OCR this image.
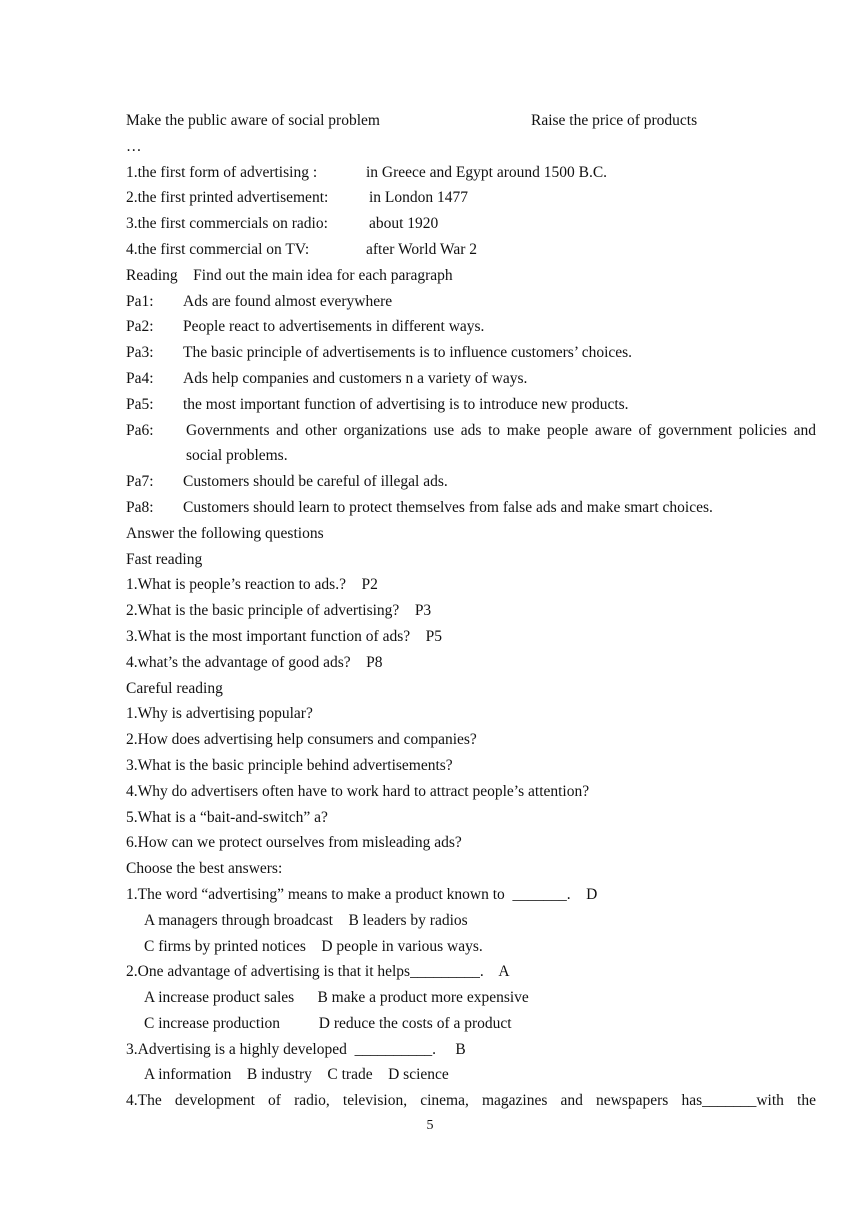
Make the public aware of social problem	Raise the price of products
…
1.the first form of advertising :	in Greece and Egypt around 1500 B.C.
2.the first printed advertisement:	in London 1477
3.the first commercials on radio:	about 1920
4.the first commercial on TV:	after World War 2
Reading    Find out the main idea for each paragraph
Pa1: Ads are found almost everywhere
Pa2: People react to advertisements in different ways.
Pa3: The basic principle of advertisements is to influence customers’ choices.
Pa4: Ads help companies and customers n a variety of ways.
Pa5: the most important function of advertising is to introduce new products.
Pa6:	Governments and other organizations use ads to make people aware of government policies and social problems.
Pa7: Customers should be careful of illegal ads.
Pa8: Customers should learn to protect themselves from false ads and make smart choices.
Answer the following questions
Fast reading
1.What is people’s reaction to ads.?    P2
2.What is the basic principle of advertising?    P3
3.What is the most important function of ads?    P5
4.what’s the advantage of good ads?    P8
Careful reading
1.Why is advertising popular?
2.How does advertising help consumers and companies?
3.What is the basic principle behind advertisements?
4.Why do advertisers often have to work hard to attract people’s attention?
5.What is a “bait-and-switch” a?
6.How can we protect ourselves from misleading ads?
Choose the best answers:
1.The word “advertising” means to make a product known to  _______.    D
A managers through broadcast    B leaders by radios
C firms by printed notices    D people in various ways.
2.One advantage of advertising is that it helps_________.    A
A increase product sales      B make a product more expensive
C increase production          D reduce the costs of a product
3.Advertising is a highly developed  __________.     B
A information    B industry    C trade    D science
4.The development of radio, television, cinema, magazines and newspapers has_______with the
5
